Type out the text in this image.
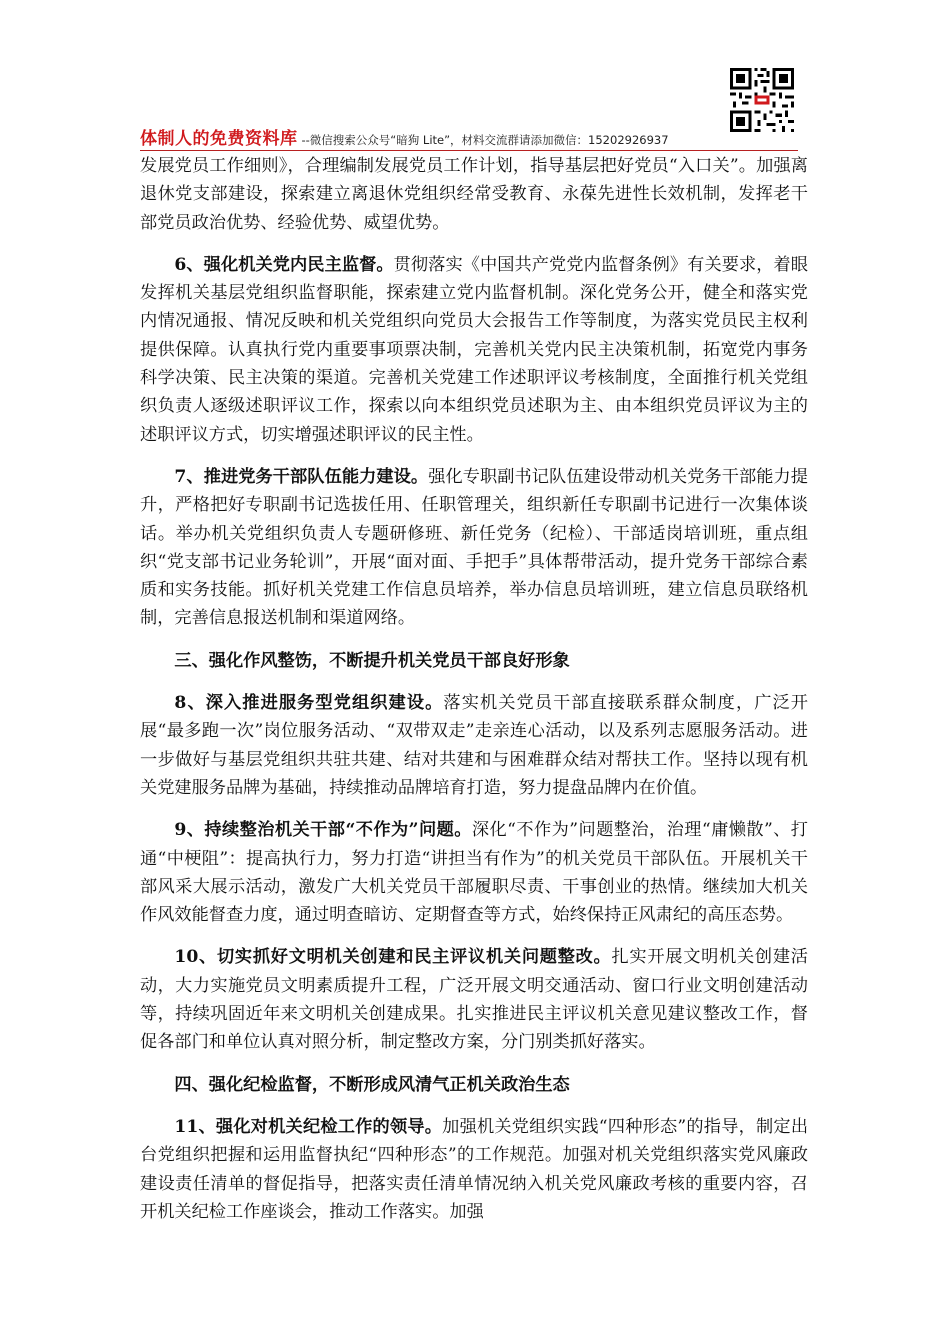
体制人的免费资料库 --微信搜索公众号“暗狗 Lite”，材料交流群请添加微信：15202926937

发展党员工作细则》，合理编制发展党员工作计划，指导基层把好党员“入口关”。加强离退休党支部建设，探索建立离退休党组织经常受教育、永葆先进性长效机制，发挥老干部党员政治优势、经验优势、威望优势。

6、强化机关党内民主监督。贯彻落实《中国共产党党内监督条例》有关要求，着眼发挥机关基层党组织监督职能，探索建立党内监督机制。深化党务公开，健全和落实党内情况通报、情况反映和机关党组织向党员大会报告工作等制度，为落实党员民主权利提供保障。认真执行党内重要事项票决制，完善机关党内民主决策机制，拓宽党内事务科学决策、民主决策的渠道。完善机关党建工作述职评议考核制度，全面推行机关党组织负责人逐级述职评议工作，探索以向本组织党员述职为主、由本组织党员评议为主的述职评议方式，切实增强述职评议的民主性。

7、推进党务干部队伍能力建设。强化专职副书记队伍建设带动机关党务干部能力提升，严格把好专职副书记选拔任用、任职管理关，组织新任专职副书记进行一次集体谈话。举办机关党组织负责人专题研修班、新任党务（纪检）、干部适岗培训班，重点组织“党支部书记业务轮训”，开展“面对面、手把手”具体帮带活动，提升党务干部综合素质和实务技能。抓好机关党建工作信息员培养，举办信息员培训班，建立信息员联络机制，完善信息报送机制和渠道网络。

三、强化作风整饬，不断提升机关党员干部良好形象

8、深入推进服务型党组织建设。落实机关党员干部直接联系群众制度，广泛开展“最多跑一次”岗位服务活动、“双带双走”走亲连心活动，以及系列志愿服务活动。进一步做好与基层党组织共驻共建、结对共建和与困难群众结对帮扶工作。坚持以现有机关党建服务品牌为基础，持续推动品牌培育打造，努力提盘品牌内在价值。

9、持续整治机关干部“不作为”问题。深化“不作为”问题整治，治理“庸懒散”、打通“中梗阻”：提高执行力，努力打造“讲担当有作为”的机关党员干部队伍。开展机关干部风采大展示活动，激发广大机关党员干部履职尽责、干事创业的热情。继续加大机关作风效能督查力度，通过明查暗访、定期督查等方式，始终保持正风肃纪的高压态势。

10、切实抓好文明机关创建和民主评议机关问题整改。扎实开展文明机关创建活动，大力实施党员文明素质提升工程，广泛开展文明交通活动、窗口行业文明创建活动等，持续巩固近年来文明机关创建成果。扎实推进民主评议机关意见建议整改工作，督促各部门和单位认真对照分析，制定整改方案，分门别类抓好落实。

四、强化纪检监督，不断形成风清气正机关政治生态

11、强化对机关纪检工作的领导。加强机关党组织实践“四种形态”的指导，制定出台党组织把握和运用监督执纪“四种形态”的工作规范。加强对机关党组织落实党风廉政建设责任清单的督促指导，把落实责任清单情况纳入机关党风廉政考核的重要内容，召开机关纪检工作座谈会，推动工作落实。加强
